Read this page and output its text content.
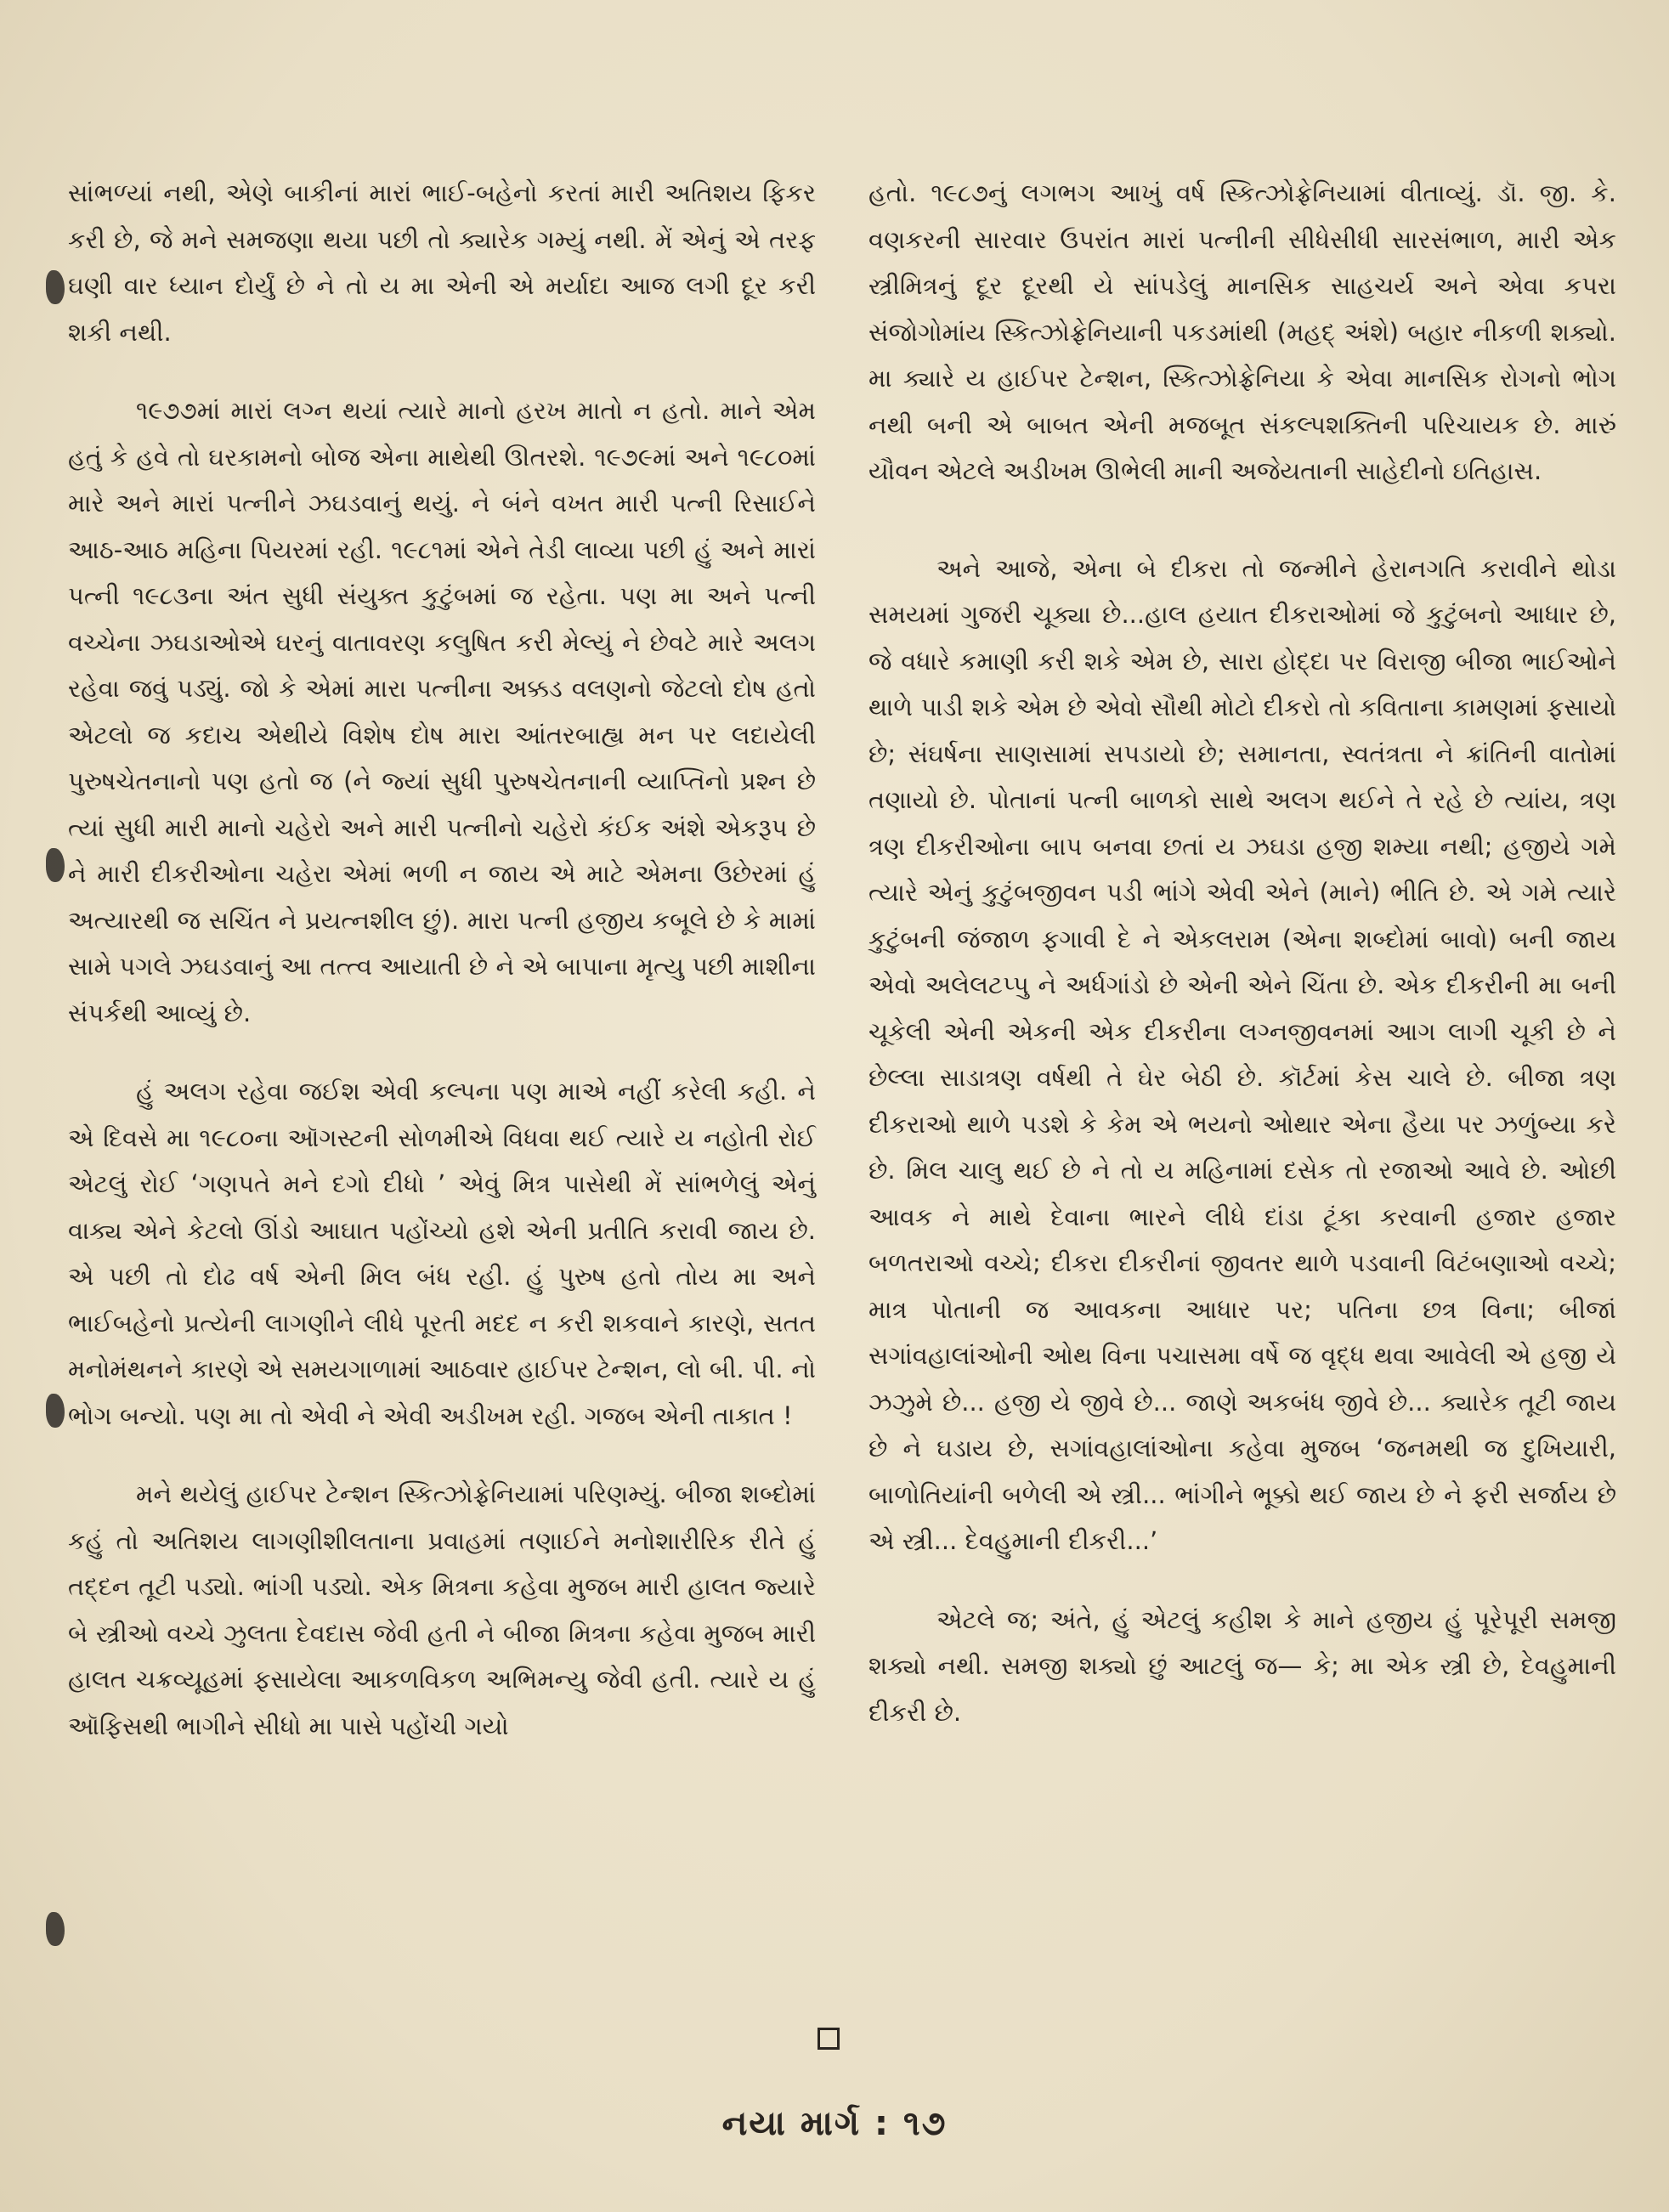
સાંભળ્યાં નથી, એણે બાકીનાં મારાં ભાઈ-બહેનો કરતાં મારી અતિશય ફિકર કરી છે, જે મને સમજણા થયા પછી તો ક્યારેક ગમ્યું નથી. મેં એનું એ તરફ ઘણી વાર ધ્યાન દોર્યું છે ને તો ય મા એની એ મર્યાદા આજ લગી દૂર કરી શકી નથી.

૧૯૭૭માં મારાં લગ્ન થયાં ત્યારે માનો હરખ માતો ન હતો. માને એમ હતું કે હવે તો ઘરકામનો બોજ એના માથેથી ઊતરશે. ૧૯૭૯માં અને ૧૯૮૦માં મારે અને મારાં પત્નીને ઝઘડવાનું થયું. ને બંને વખત મારી પત્ની રિસાઈને આઠ-આઠ મહિના પિયરમાં રહી. ૧૯૮૧માં એને તેડી લાવ્યા પછી હું અને મારાં પત્ની ૧૯૮૩ના અંત સુધી સંયુક્ત કુટુંબમાં જ રહેતા. પણ મા અને પત્ની વચ્ચેના ઝઘડાઓએ ઘરનું વાતાવરણ કલુષિત કરી મેલ્યું ને છેવટે મારે અલગ રહેવા જવું પડ્યું. જો કે એમાં મારા પત્નીના અક્કડ વલણનો જેટલો દોષ હતો એટલો જ કદાચ એથીયે વિશેષ દોષ મારા આંતરબાહ્ય મન પર લદાયેલી પુરુષચેતનાનો પણ હતો જ (ને જ્યાં સુધી પુરુષચેતનાની વ્યાપ્તિનો પ્રશ્ન છે ત્યાં સુધી મારી માનો ચહેરો અને મારી પત્નીનો ચહેરો કંઈક અંશે એકરૂપ છે ને મારી દીકરીઓના ચહેરા એમાં ભળી ન જાય એ માટે એમના ઉછેરમાં હું અત્યારથી જ સચિંત ને પ્રયત્નશીલ છું). મારા પત્ની હજીય કબૂલે છે કે મામાં સામે પગલે ઝઘડવાનું આ તત્ત્વ આયાતી છે ને એ બાપાના મૃત્યુ પછી માશીના સંપર્કથી આવ્યું છે.

હું અલગ રહેવા જઈશ એવી કલ્પના પણ માએ નહીં કરેલી કહી. ને એ દિવસે મા ૧૯૮૦ના ઑગસ્ટની સોળમીએ વિધવા થઈ ત્યારે ય નહોતી રોઈ એટલું રોઈ ‘ગણપતે મને દગો દીધો ’ એવું મિત્ર પાસેથી મેં સાંભળેલું એનું વાક્ય એને કેટલો ઊંડો આઘાત પહોંચ્યો હશે એની પ્રતીતિ કરાવી જાય છે. એ પછી તો દોઢ વર્ષ એની મિલ બંધ રહી. હું પુરુષ હતો તોય મા અને ભાઈબહેનો પ્રત્યેની લાગણીને લીધે પૂરતી મદદ ન કરી શકવાને કારણે, સતત મનોમંથનને કારણે એ સમયગાળામાં આઠવાર હાઈપર ટેન્શન, લો બી. પી. નો ભોગ બન્યો. પણ મા તો એવી ને એવી અડીખમ રહી. ગજબ એની તાકાત !

મને થયેલું હાઈપર ટેન્શન સ્કિત્ઝોફ્રેનિયામાં પરિણમ્યું. બીજા શબ્દોમાં કહું તો અતિશય લાગણીશીલતાના પ્રવાહમાં તણાઈને મનોશારીરિક રીતે હું તદ્દન તૂટી પડ્યો. ભાંગી પડ્યો. એક મિત્રના કહેવા મુજબ મારી હાલત જ્યારે બે સ્ત્રીઓ વચ્ચે ઝુલતા દેવદાસ જેવી હતી ને બીજા મિત્રના કહેવા મુજબ મારી હાલત ચક્રવ્યૂહમાં ફસાયેલા આકળવિકળ અભિમન્યુ જેવી હતી. ત્યારે ય હું ઑફિસથી ભાગીને સીધો મા પાસે પહોંચી ગયો

હતો. ૧૯૮૭નું લગભગ આખું વર્ષ સ્કિત્ઝોફ્રેનિયામાં વીતાવ્યું. ડૉ. જી. કે. વણકરની સારવાર ઉપરાંત મારાં પત્નીની સીધેસીધી સારસંભાળ, મારી એક સ્ત્રીમિત્રનું દૂર દૂરથી યે સાંપડેલું માનસિક સાહચર્ય અને એવા કપરા સંજોગોમાંય સ્કિત્ઝોફ્રેનિયાની પકડમાંથી (મહદ્ અંશે) બહાર નીકળી શક્યો. મા ક્યારે ય હાઈપર ટેન્શન, સ્કિત્ઝોફ્રેનિયા કે એવા માનસિક રોગનો ભોગ નથી બની એ બાબત એની મજબૂત સંકલ્પશક્તિની પરિચાયક છે. મારું યૌવન એટલે અડીખમ ઊભેલી માની અજેયતાની સાહેદીનો ઇતિહાસ.

અને આજે, એના બે દીકરા તો જન્મીને હેરાનગતિ કરાવીને થોડા સમયમાં ગુજરી ચૂક્યા છે...હાલ હયાત દીકરાઓમાં જે કુટુંબનો આધાર છે, જે વધારે કમાણી કરી શકે એમ છે, સારા હોદ્દા પર વિરાજી બીજા ભાઈઓને થાળે પાડી શકે એમ છે એવો સૌથી મોટો દીકરો તો કવિતાના કામણમાં ફસાયો છે; સંઘર્ષના સાણસામાં સપડાયો છે; સમાનતા, સ્વતંત્રતા ને ક્રાંતિની વાતોમાં તણાયો છે. પોતાનાં પત્ની બાળકો સાથે અલગ થઈને તે રહે છે ત્યાંય, ત્રણ ત્રણ દીકરીઓના બાપ બનવા છતાં ય ઝઘડા હજી શમ્યા નથી; હજીયે ગમે ત્યારે એનું કુટુંબજીવન પડી ભાંગે એવી એને (માને) ભીતિ છે. એ ગમે ત્યારે કુટુંબની જંજાળ ફગાવી દે ને એકલરામ (એના શબ્દોમાં બાવો) બની જાય એવો અલેલટપ્પુ ને અર્ધગાંડો છે એની એને ચિંતા છે. એક દીકરીની મા બની ચૂકેલી એની એકની એક દીકરીના લગ્નજીવનમાં આગ લાગી ચૂકી છે ને છેલ્લા સાડાત્રણ વર્ષથી તે ઘેર બેઠી છે. કૉર્ટમાં કેસ ચાલે છે. બીજા ત્રણ દીકરાઓ થાળે પડશે કે કેમ એ ભયનો ઓથાર એના હૈયા પર ઝળુંબ્યા કરે છે. મિલ ચાલુ થઈ છે ને તો ય મહિનામાં દસેક તો રજાઓ આવે છે. ઓછી આવક ને માથે દેવાના ભારને લીધે દાંડા ટૂંકા કરવાની હજાર હજાર બળતરાઓ વચ્ચે; દીકરા દીકરીનાં જીવતર થાળે પડવાની વિટંબણાઓ વચ્ચે; માત્ર પોતાની જ આવકના આધાર પર; પતિના છત્ર વિના; બીજાં સગાંવહાલાંઓની ઓથ વિના પચાસમા વર્ષે જ વૃદ્ધ થવા આવેલી એ હજી યે ઝઝુમે છે... હજી યે જીવે છે... જાણે અકબંધ જીવે છે... ક્યારેક તૂટી જાય છે ને ઘડાય છે, સગાંવહાલાંઓના કહેવા મુજબ ‘જનમથી જ દુખિયારી, બાળોતિયાંની બળેલી એ સ્ત્રી... ભાંગીને ભૂક્કો થઈ જાય છે ને ફરી સર્જાય છે એ સ્ત્રી... દેવહુમાની દીકરી...’

એટલે જ; અંતે, હું એટલું કહીશ કે માને હજીય હું પૂરેપૂરી સમજી શક્યો નથી. સમજી શક્યો છું આટલું જ— કે; મા એક સ્ત્રી છે, દેવહુમાની દીકરી છે.

નયા માર્ગ : ૧૭
